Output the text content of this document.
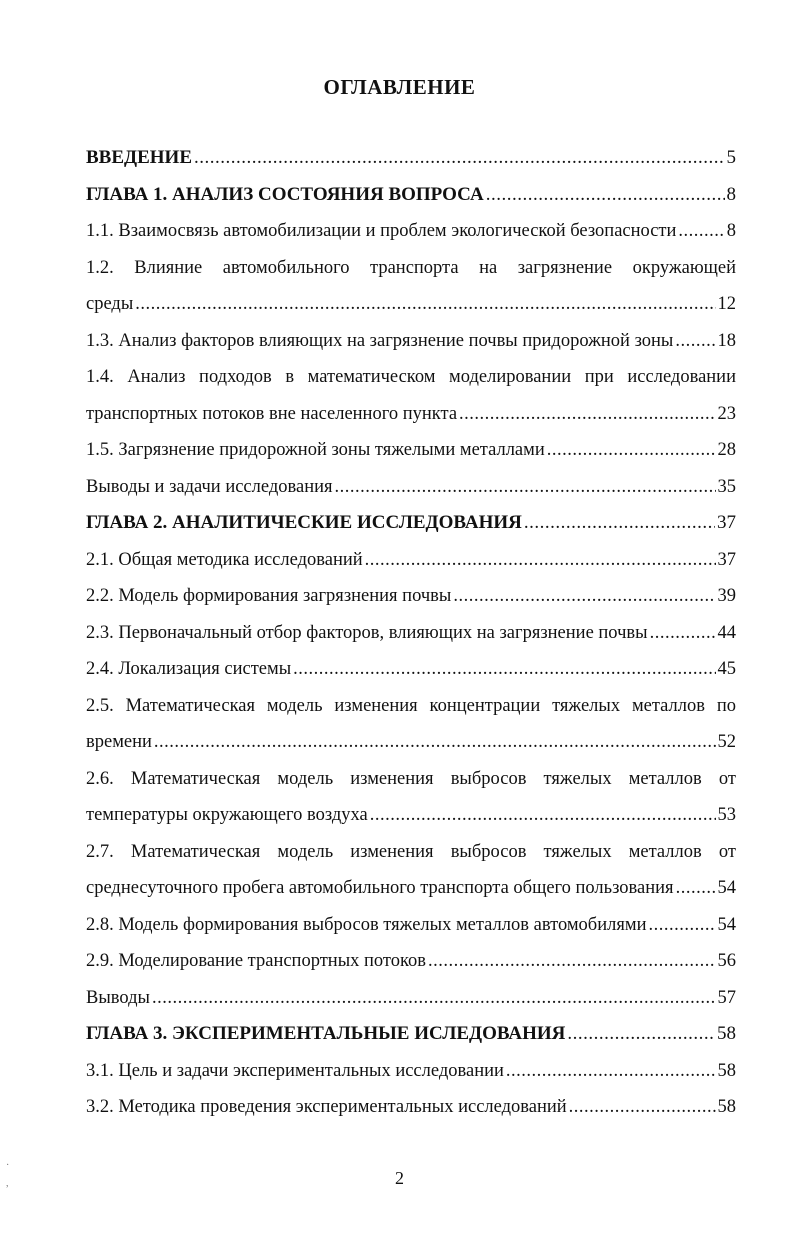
ОГЛАВЛЕНИЕ
ВВЕДЕНИЕ .....	5
ГЛАВА 1. АНАЛИЗ СОСТОЯНИЯ ВОПРОСА .....	8
1.1. Взаимосвязь автомобилизации и проблем экологической безопасности .....	8
1.2. Влияние автомобильного транспорта на загрязнение окружающей
среды .....	12
1.3. Анализ факторов влияющих на загрязнение почвы придорожной зоны ..... 18
1.4. Анализ подходов в математическом моделировании при исследовании
транспортных потоков вне населенного пункта .....	23
1.5. Загрязнение придорожной зоны тяжелыми металлами .....	28
Выводы и задачи исследования .....	35
ГЛАВА 2. АНАЛИТИЧЕСКИЕ ИССЛЕДОВАНИЯ .....	37
2.1. Общая методика исследований .....	37
2.2. Модель формирования загрязнения почвы .....	39
2.3. Первоначальный отбор факторов, влияющих на загрязнение почвы .....	44
2.4. Локализация системы .....	45
2.5. Математическая модель изменения концентрации тяжелых металлов по
времени .....	52
2.6. Математическая модель изменения выбросов тяжелых металлов от
температуры окружающего воздуха .....	53
2.7. Математическая модель изменения выбросов тяжелых металлов от
среднесуточного пробега автомобильного транспорта общего пользования ..... 54
2.8. Модель формирования выбросов тяжелых металлов автомобилями .....	54
2.9. Моделирование транспортных потоков .....	56
Выводы .....	57
ГЛАВА 3. ЭКСПЕРИМЕНТАЛЬНЫЕ ИСЛЕДОВАНИЯ .....	58
3.1. Цель и задачи экспериментальных исследовании .....	58
3.2. Методика проведения экспериментальных исследований .....	58
2
·
,
